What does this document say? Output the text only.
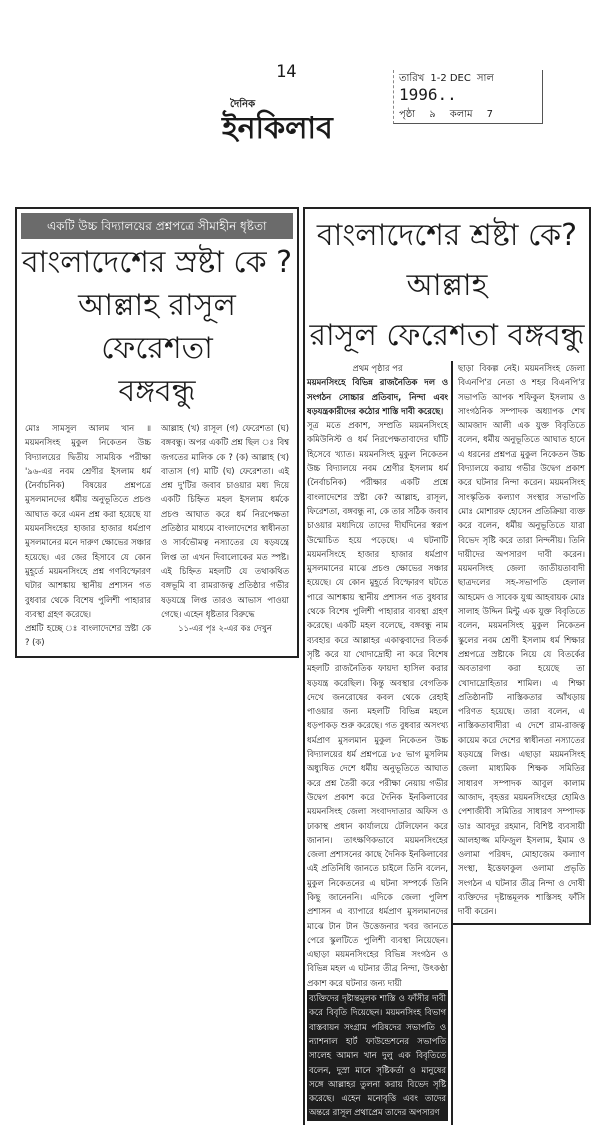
14	তারিখ 1-2 DEC সাল
1996..
পৃষ্ঠা ৯ কলাম 7
দৈনিক
ইনকিলাব
একটি উচ্চ বিদ্যালয়ের প্রশ্নপত্রে সীমাহীন ধৃষ্টতা
বাংলাদেশের স্রষ্টা কে ?
আল্লাহ রাসূল ফেরেশতা
বঙ্গবন্ধু
মোঃ সামসুল আলম খান ॥ ময়মনসিংহ মুকুল নিকেতন উচ্চ বিদ্যালয়ের দ্বিতীয় সাময়িক পরীক্ষা '৯৬-এর নবম শ্রেণীর ইসলাম ধর্ম (নৈর্বাচনিক) বিষয়ের প্রশ্নপত্রে মুসলমানদের ধর্মীয় অনুভূতিতে প্রচণ্ড আঘাত করে এমন প্রশ্ন করা হয়েছে যা ময়মনসিংহের হাজার হাজার ধর্মপ্রাণ মুসলমানের মনে দারুণ ক্ষোভের সঞ্চার হয়েছে। এর জের হিসাবে যে কোন মুহূর্তে ময়মনসিংহে প্রশ্ন গণবিস্ফোরণ ঘটার আশঙ্কায় স্থানীয় প্রশাসন গত বুধবার থেকে বিশেষ পুলিশী পাহারার ব্যবস্থা গ্রহণ করেছে।
প্রশ্নটি হচ্ছে ঃ বাংলাদেশের স্রষ্টা কে ? (ক)
আল্লাহ (খ) রাসূল (গ) ফেরেশতা (ঘ) বঙ্গবন্ধু। অপর একটি প্রশ্ন ছিল ঃ বিশ্ব জগতের মালিক কে ? (ক) আল্লাহ (খ) বাতাস (গ) মাটি (ঘ) ফেরেশতা। এই প্রশ্ন দু'টির জবাব চাওয়ার মধ্য দিয়ে একটি চিহ্নিত মহল ইসলাম ধর্মকে প্রচণ্ড আঘাত করে ধর্ম নিরপেক্ষতা প্রতিষ্ঠার মাধ্যমে বাংলাদেশের স্বাধীনতা ও সার্বভৌমত্ব নস্যাতের যে ষড়যন্ত্রে লিপ্ত তা এখন দিবালোকের মত স্পষ্ট। এই চিহ্নিত মহলটি যে তথাকথিত বঙ্গভূমি বা রামরাজত্ব প্রতিষ্ঠার গভীর ষড়যন্ত্রে লিপ্ত তারও আভাস পাওয়া গেছে। এহেন ধৃষ্টতার বিরুদ্ধে
১১-এর পৃঃ ২-এর কঃ দেখুন
বাংলাদেশের শ্রষ্টা কে? আল্লাহ
রাসূল ফেরেশতা বঙ্গবন্ধু
প্রথম পৃষ্ঠার পর
ময়মনসিংহে বিভিন্ন রাজনৈতিক দল ও সংগঠন সোচ্চার প্রতিবাদ, নিন্দা এবং ষড়যন্ত্রকারীদের কঠোর শাস্তি দাবী করেছে।
সূত্র মতে প্রকাশ, সম্প্রতি ময়মনসিংহে কমিউনিস্ট ও ধর্ম নিরপেক্ষতাবাদের ঘাঁটি হিসেবে খ্যাত। ময়মনসিংহ মুকুল নিকেতন উচ্চ বিদ্যালয়ে নবম শ্রেণীর ইসলাম ধর্ম (নৈর্বাচনিক) পরীক্ষার একটি প্রশ্নে বাংলাদেশের স্রষ্টা কে? আল্লাহ, রাসূল, ফিরেশতা, বঙ্গবন্ধু না, কে তার সঠিক জবাব চাওয়ার মধ্যদিয়ে তাদের দীর্ঘদিনের স্বরূপ উন্মোচিত হয়ে পড়েছে। এ ঘটনাটি ময়মনসিংহে হাজার হাজার ধর্মপ্রাণ মুসলমানের মাঝে প্রচণ্ড ক্ষোভের সঞ্চার হয়েছে। যে কোন মুহূর্তে বিস্ফোরণ ঘটতে পারে আশঙ্কায় স্থানীয় প্রশাসন গত বুধবার থেকে বিশেষ পুলিশী পাহারার ব্যবস্থা গ্রহণ করেছে। একটি মহল বলেছে, বঙ্গবন্ধু নাম ব্যবহার করে আল্লাহর একাত্ববাদের বিতর্ক সৃষ্টি করে যা খোদাদ্রোহী না করে বিশেষ মহলটি রাজনৈতিক ফায়দা হাসিল করার ষড়যন্ত্র করেছিল। কিন্তু অবস্থার বেগতিক দেখে জনরোষের কবল থেকে রেহাই পাওয়ার জন্য মহলটি বিভিন্ন মহলে ধড়পাকড় শুরু করেছে। গত বুধবার অসংখ্য ধর্মপ্রাণ মুসলমান মুকুল নিকেতন উচ্চ বিদ্যালয়ের ধর্ম প্রশ্নপত্রে ৮৫ ভাগ মুসলিম অধ্যুষিত দেশে ধর্মীয় অনুভূতিতে আঘাত করে প্রশ্ন তৈরী করে পরীক্ষা নেয়ায় গভীর উদ্বেগ প্রকাশ করে দৈনিক ইনকিলাবের ময়মনসিংহ জেলা সংবাদদাতার অফিস ও ঢাকাস্থ প্রধান কার্যালয়ে টেলিফোন করে জানান। তাৎক্ষণিকভাবে ময়মনসিংহের জেলা প্রশাসনের কাছে দৈনিক ইনকিলাবের এই প্রতিনিধি জানতে চাইলে তিনি বলেন, মুকুল নিকেতনের এ ঘটনা সম্পর্কে তিনি কিছু জানেননি। এদিকে জেলা পুলিশ প্রশাসন এ ব্যাপারে ধর্মপ্রাণ মুসলমানদের মাঝে টান টান উত্তেজনার খবর জানতে পেরে স্কুলটিতে পুলিশী ব্যবস্থা নিয়েছেন। এছাড়া ময়মনসিংহের বিভিন্ন সংগঠন ও বিভিন্ন মহল এ ঘটনার তীব্র নিন্দা, উৎকণ্ঠা প্রকাশ করে ঘটনার জন্য দায়ী
ব্যক্তিদের দৃষ্টান্তমূলক শাস্তি ও ফাঁসীর দাবী করে বিবৃতি দিয়েছেন। ময়মনসিংহ বিভাগ বাস্তবায়ন সংগ্রাম পরিষদের সভাপতি ও ন্যাশনাল হার্ট ফাউন্ডেশনের সভাপতি সালেহ আমান খান দুলু এক বিবৃতিতে বলেন, দুস্রা মানে সৃষ্টিকর্তা ও মানুষের সঙ্গে আল্লাহর তুলনা করায় বিভেদ সৃষ্টি করেছে। এহেন মনোবৃত্তি এবং তাদের অন্তরে রাসূল প্রথাপ্রেম তাদের অপসারণ
ছাড়া বিকল্প নেই। ময়মনসিংহ জেলা বিএনপি'র নেতা ও শহর বিএনপি'র সভাপতি আপক শফিকুল ইসলাম ও সাংগঠনিক সম্পাদক অধ্যাপক শেখ আমজাদ আলী এক যুক্ত বিবৃতিতে বলেন, ধর্মীয় অনুভূতিতে আঘাত হানে এ ধরনের প্রশ্নপত্র মুকুল নিকেতন উচ্চ বিদ্যালয়ে করায় গভীর উদ্বেগ প্রকাশ করে ঘটনার নিন্দা করেন। ময়মনসিংহ সাংস্কৃতিক কল্যাণ সংস্থার সভাপতি মোঃ মোশারফ হোসেন প্রতিক্রিয়া ব্যক্ত করে বলেন, ধর্মীয় অনুভূতিতে যারা বিভেদ সৃষ্টি করে তারা নিন্দনীয়। তিনি দায়ীদের অপসারণ দাবী করেন। ময়মনসিংহ জেলা জাতীয়তাবাদী ছাত্রদলের সহ-সভাপতি হেলাল আহমেদ ও সাবেক যুগ্ম আহবায়ক মোঃ সালাহ উদ্দিন মিন্টু এক যুক্ত বিবৃতিতে বলেন, ময়মনসিংহ মুকুল নিকেতন স্কুলের নবম শ্রেণী ইসলাম ধর্ম শিক্ষার প্রশ্নপত্রে স্রষ্টাকে নিয়ে যে বিতর্কের অবতারণা করা হয়েছে তা খোদাদ্রোহিতার শামিল। এ শিক্ষা প্রতিষ্ঠানটি নাস্তিকতার আঁখড়ায় পরিণত হয়েছে। তারা বলেন, এ নাস্তিকতাবাদীরা এ দেশে রাম-রাজত্ব কায়েম করে দেশের স্বাধীনতা নস্যাতের ষড়যন্ত্রে লিপ্ত। এছাড়া ময়মনসিংহ জেলা মাধ্যমিক শিক্ষক সমিতির সাধারণ সম্পাদক আবুল কালাম আজাদ, বৃহত্তর ময়মনসিংহের হোমিও পেশাজীবী সমিতির সাধারণ সম্পাদক ডাঃ আবদুর রহমান, বিশিষ্ট ব্যবসায়ী আলহাজ্জ মফিজুল ইসলাম, ইমাম ও ওলামা পরিষদ, মোহাজেম কল্যাণ সংস্থা, ইত্তেফাকুল ওলামা প্রভৃতি সংগঠন এ ঘটনার তীব্র নিন্দা ও দোষী ব্যক্তিদের দৃষ্টান্তমূলক শাস্তিসহ ফাঁসি দাবী করেন।
